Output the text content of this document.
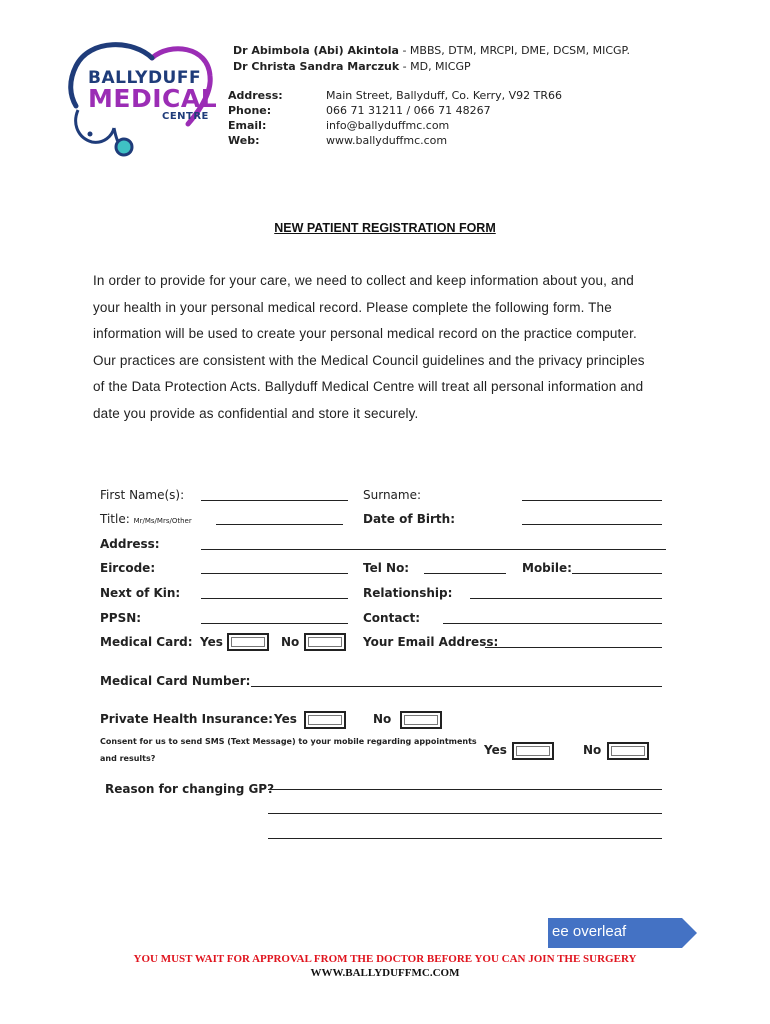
BALLYDUFF
MEDICAL
CENTRE
Dr Abimbola (Abi) Akintola - MBBS, DTM, MRCPI, DME, DCSM, MICGP.
Dr Christa Sandra Marczuk - MD, MICGP
Address:	Main Street, Ballyduff, Co. Kerry, V92 TR66
Phone:	066 71 31211 / 066 71 48267
Email:	info@ballyduffmc.com
Web:	www.ballyduffmc.com
NEW PATIENT REGISTRATION FORM
In order to provide for your care, we need to collect and keep information about you, and
your health in your personal medical record. Please complete the following form. The
information will be used to create your personal medical record on the practice computer.
Our practices are consistent with the Medical Council guidelines and the privacy principles
of the Data Protection Acts. Ballyduff Medical Centre will treat all personal information and
date you provide as confidential and store it securely.
First Name(s):	Surname:
Title: Mr/Ms/Mrs/Other	Date of Birth:
Address:
Eircode:	Tel No:	Mobile:
Next of Kin:	Relationship:
PPSN:	Contact:
Medical Card: Yes	No	Your Email Address:
Medical Card Number:
Private Health Insurance: Yes	No
Consent for us to send SMS (Text Message) to your mobile regarding appointments
and results?
Yes	No
Reason for changing GP?
ee overleaf
YOU MUST WAIT FOR APPROVAL FROM THE DOCTOR BEFORE YOU CAN JOIN THE SURGERY
WWW.BALLYDUFFMC.COM
